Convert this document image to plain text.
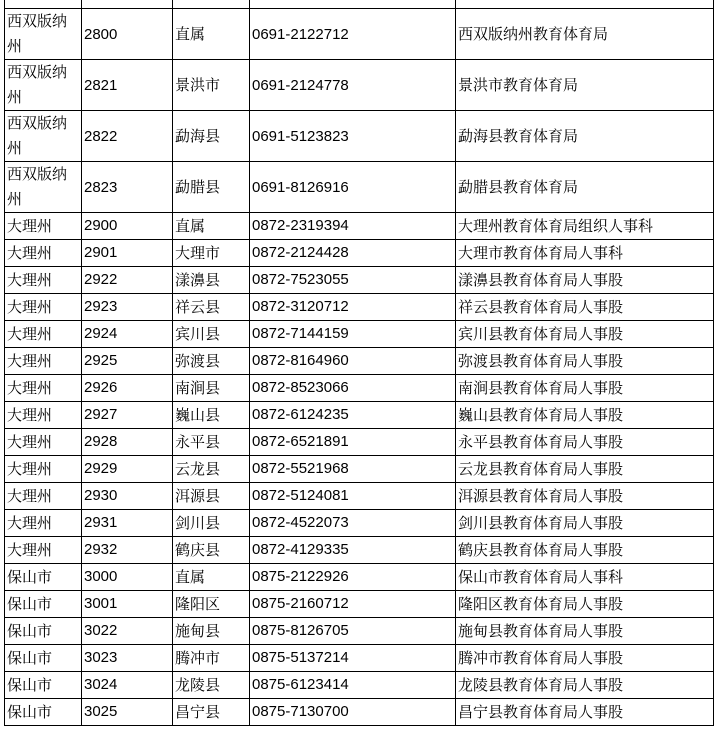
西双版纳州	2800	直属	0691-2122712	西双版纳州教育体育局
西双版纳州	2821	景洪市	0691-2124778	景洪市教育体育局
西双版纳州	2822	勐海县	0691-5123823	勐海县教育体育局
西双版纳州	2823	勐腊县	0691-8126916	勐腊县教育体育局
大理州	2900	直属	0872-2319394	大理州教育体育局组织人事科
大理州	2901	大理市	0872-2124428	大理市教育体育局人事科
大理州	2922	漾濞县	0872-7523055	漾濞县教育体育局人事股
大理州	2923	祥云县	0872-3120712	祥云县教育体育局人事股
大理州	2924	宾川县	0872-7144159	宾川县教育体育局人事股
大理州	2925	弥渡县	0872-8164960	弥渡县教育体育局人事股
大理州	2926	南涧县	0872-8523066	南涧县教育体育局人事股
大理州	2927	巍山县	0872-6124235	巍山县教育体育局人事股
大理州	2928	永平县	0872-6521891	永平县教育体育局人事股
大理州	2929	云龙县	0872-5521968	云龙县教育体育局人事股
大理州	2930	洱源县	0872-5124081	洱源县教育体育局人事股
大理州	2931	剑川县	0872-4522073	剑川县教育体育局人事股
大理州	2932	鹤庆县	0872-4129335	鹤庆县教育体育局人事股
保山市	3000	直属	0875-2122926	保山市教育体育局人事科
保山市	3001	隆阳区	0875-2160712	隆阳区教育体育局人事股
保山市	3022	施甸县	0875-8126705	施甸县教育体育局人事股
保山市	3023	腾冲市	0875-5137214	腾冲市教育体育局人事股
保山市	3024	龙陵县	0875-6123414	龙陵县教育体育局人事股
保山市	3025	昌宁县	0875-7130700	昌宁县教育体育局人事股
